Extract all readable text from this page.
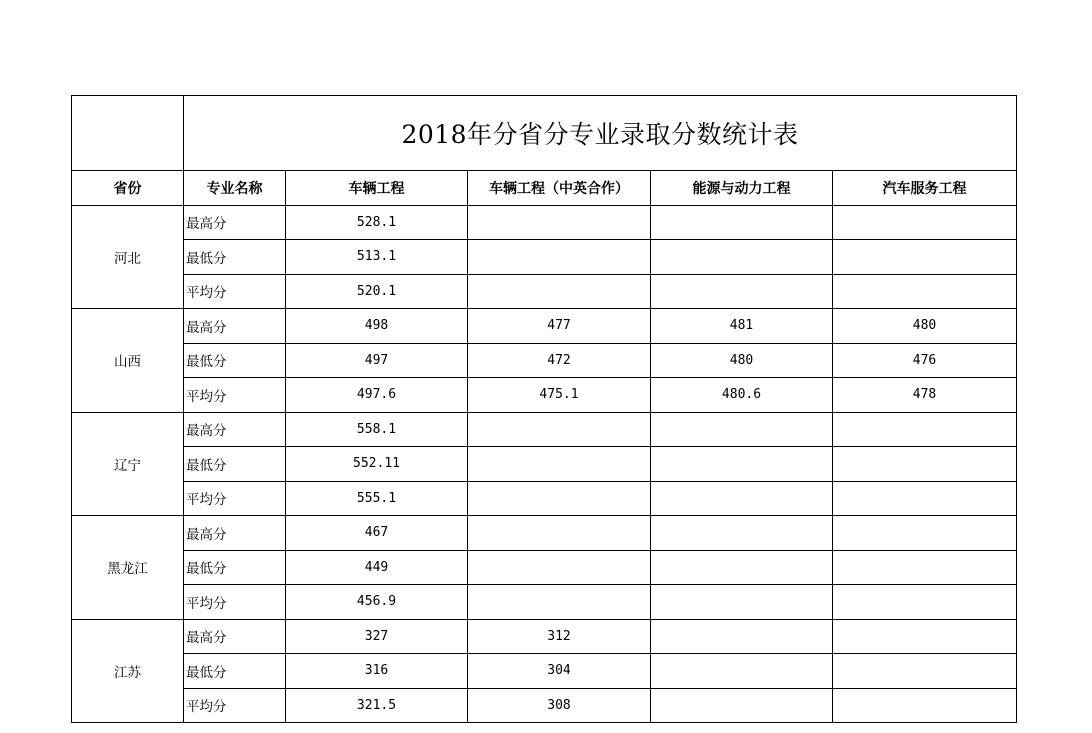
	2018年分省分专业录取分数统计表				
省份	专业名称	车辆工程	车辆工程（中英合作）	能源与动力工程	汽车服务工程
河北	最高分	528.1			
	最低分	513.1			
	平均分	520.1			
山西	最高分	498	477	481	480
	最低分	497	472	480	476
	平均分	497.6	475.1	480.6	478
辽宁	最高分	558.1			
	最低分	552.11			
	平均分	555.1			
黑龙江	最高分	467			
	最低分	449			
	平均分	456.9			
江苏	最高分	327	312		
	最低分	316	304		
	平均分	321.5	308		
